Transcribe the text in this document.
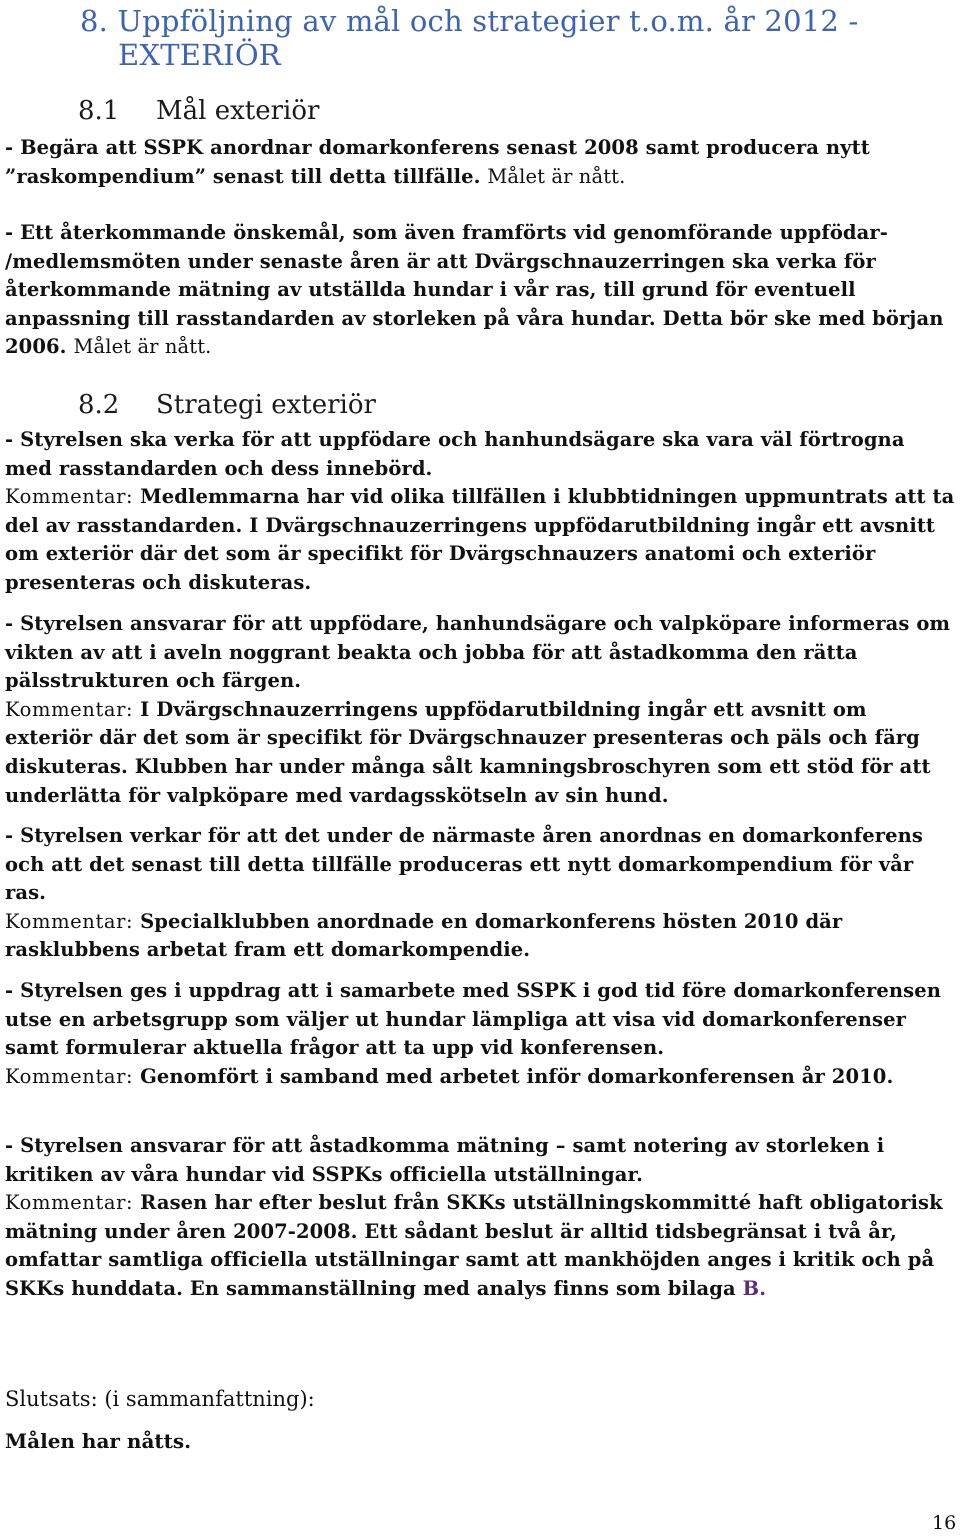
8. Uppföljning av mål och strategier t.o.m. år 2012 -
EXTERIÖR
8.1 Mål exteriör
- Begära att SSPK anordnar domarkonferens senast 2008 samt producera nytt ”raskompendium” senast till detta tillfälle. Målet är nått.
- Ett återkommande önskemål, som även framförts vid genomförande uppfödar- /medlemsmöten under senaste åren är att Dvärgschnauzerringen ska verka för återkommande mätning av utställda hundar i vår ras, till grund för eventuell anpassning till rasstandarden av storleken på våra hundar. Detta bör ske med början 2006. Målet är nått.
8.2 Strategi exteriör
- Styrelsen ska verka för att uppfödare och hanhundsägare ska vara väl förtrogna med rasstandarden och dess innebörd.
Kommentar: Medlemmarna har vid olika tillfällen i klubbtidningen uppmuntrats att ta del av rasstandarden. I Dvärgschnauzerringens uppfödarutbildning ingår ett avsnitt om exteriör där det som är specifikt för Dvärgschnauzers anatomi och exteriör presenteras och diskuteras.
- Styrelsen ansvarar för att uppfödare, hanhundsägare och valpköpare informeras om vikten av att i aveln noggrant beakta och jobba för att åstadkomma den rätta pälsstrukturen och färgen.
Kommentar: I Dvärgschnauzerringens uppfödarutbildning ingår ett avsnitt om exteriör där det som är specifikt för Dvärgschnauzer presenteras och päls och färg diskuteras. Klubben har under många sålt kamningsbroschyren som ett stöd för att underlätta för valpköpare med vardagsskötseln av sin hund.
- Styrelsen verkar för att det under de närmaste åren anordnas en domarkonferens och att det senast till detta tillfälle produceras ett nytt domarkompendium för vår ras.
Kommentar: Specialklubben anordnade en domarkonferens hösten 2010 där rasklubbens arbetat fram ett domarkompendie.
- Styrelsen ges i uppdrag att i samarbete med SSPK i god tid före domarkonferensen utse en arbetsgrupp som väljer ut hundar lämpliga att visa vid domarkonferenser samt formulerar aktuella frågor att ta upp vid konferensen.
Kommentar: Genomfört i samband med arbetet inför domarkonferensen år 2010.
- Styrelsen ansvarar för att åstadkomma mätning – samt notering av storleken i kritiken av våra hundar vid SSPKs officiella utställningar.
Kommentar: Rasen har efter beslut från SKKs utställningskommitté haft obligatorisk mätning under åren 2007-2008. Ett sådant beslut är alltid tidsbegränsat i två år, omfattar samtliga officiella utställningar samt att mankhöjden anges i kritik och på SKKs hunddata. En sammanställning med analys finns som bilaga B.
Slutsats: (i sammanfattning):
Målen har nåtts.
16
